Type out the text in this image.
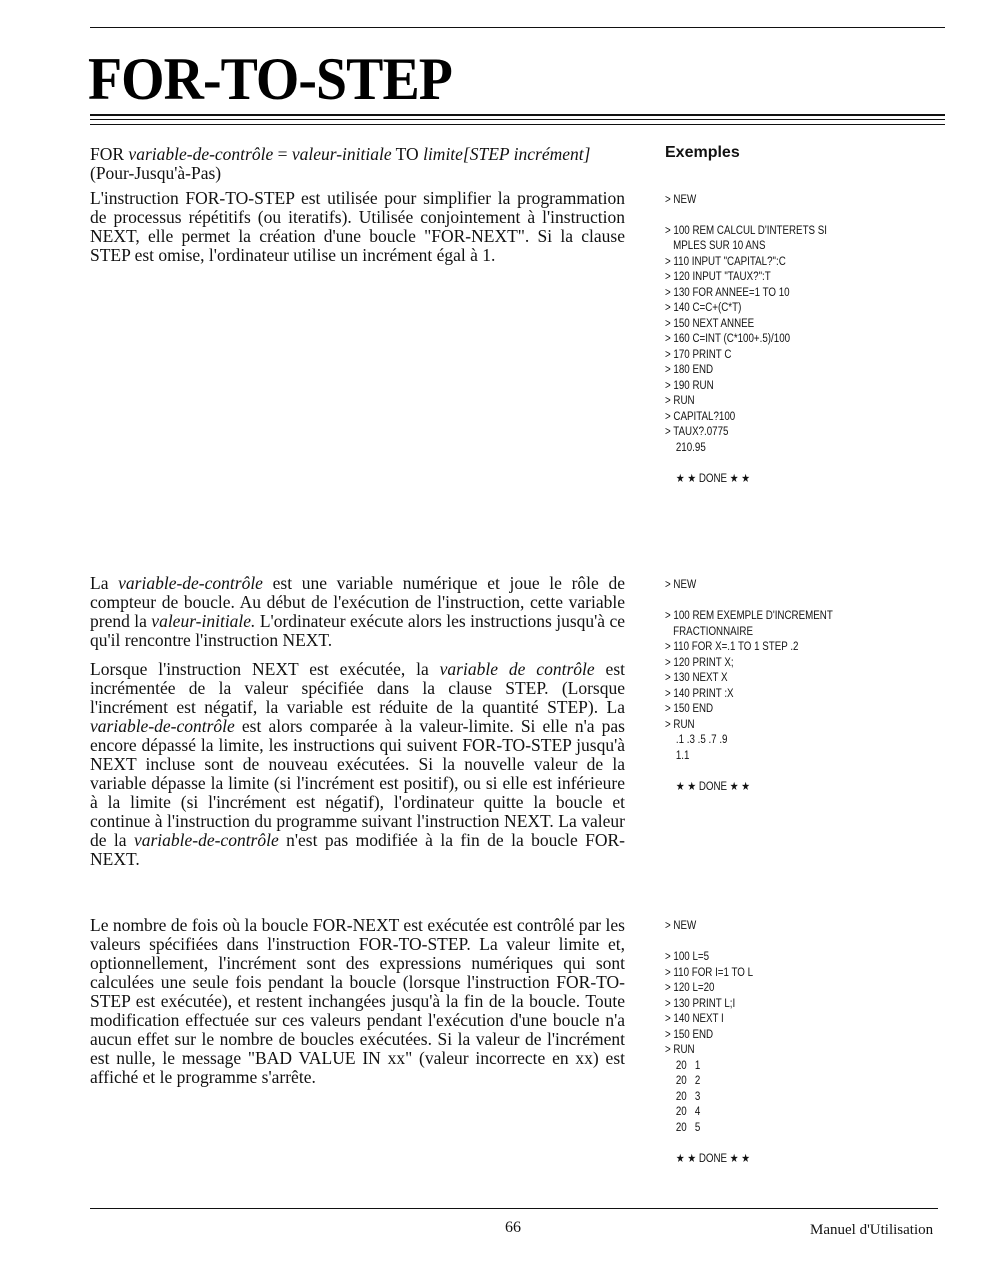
FOR-TO-STEP

FOR variable-de-contrôle = valeur-initiale TO limite[STEP incrément]
(Pour-Jusqu'à-Pas)

L'instruction FOR-TO-STEP est utilisée pour simplifier la programmation de processus répétitifs (ou iteratifs). Utilisée conjointement à l'instruction NEXT, elle permet la création d'une boucle "FOR-NEXT". Si la clause STEP est omise, l'ordinateur utilise un incrément égal à 1.

La variable-de-contrôle est une variable numérique et joue le rôle de compteur de boucle. Au début de l'exécution de l'instruction, cette variable prend la valeur-initiale. L'ordinateur exécute alors les instructions jusqu'à ce qu'il rencontre l'instruction NEXT.

Lorsque l'instruction NEXT est exécutée, la variable de contrôle est incrémentée de la valeur spécifiée dans la clause STEP. (Lorsque l'incrément est négatif, la variable est réduite de la quantité STEP). La variable-de-contrôle est alors comparée à la valeur-limite. Si elle n'a pas encore dépassé la limite, les instructions qui suivent FOR-TO-STEP jusqu'à NEXT incluse sont de nouveau exécutées. Si la nouvelle valeur de la variable dépasse la limite (si l'incrément est positif), ou si elle est inférieure à la limite (si l'incrément est négatif), l'ordinateur quitte la boucle et continue à l'instruction du programme suivant l'instruction NEXT. La valeur de la variable-de-contrôle n'est pas modifiée à la fin de la boucle FOR-NEXT.

Le nombre de fois où la boucle FOR-NEXT est exécutée est contrôlé par les valeurs spécifiées dans l'instruction FOR-TO-STEP. La valeur limite et, optionnellement, l'incrément sont des expressions numériques qui sont calculées une seule fois pendant la boucle (lorsque l'instruction FOR-TO-STEP est exécutée), et restent inchangées jusqu'à la fin de la boucle. Toute modification effectuée sur ces valeurs pendant l'exécution d'une boucle n'a aucun effet sur le nombre de boucles exécutées. Si la valeur de l'incrément est nulle, le message "BAD VALUE IN xx" (valeur incorrecte en xx) est affiché et le programme s'arrête.

Exemples
> NEW
> 100 REM CALCUL D'INTERETS SI
MPLES SUR 10 ANS
> 110 INPUT "CAPITAL?":C
> 120 INPUT "TAUX?":T
> 130 FOR ANNEE=1 TO 10
> 140 C=C+(C*T)
> 150 NEXT ANNEE
> 160 C=INT (C*100+.5)/100
> 170 PRINT C
> 180 END
> 190 RUN
> RUN
> CAPITAL?100
> TAUX?.0775
210.95
★ ★ DONE ★ ★
> NEW
> 100 REM EXEMPLE D'INCREMENT
FRACTIONNAIRE
> 110 FOR X=.1 TO 1 STEP .2
> 120 PRINT X;
> 130 NEXT X
> 140 PRINT :X
> 150 END
> RUN
.1 .3 .5 .7 .9
1.1
★ ★ DONE ★ ★
> NEW
> 100 L=5
> 110 FOR I=1 TO L
> 120 L=20
> 130 PRINT L;I
> 140 NEXT I
> 150 END
> RUN
20   1
20   2
20   3
20   4
20   5
★ ★ DONE ★ ★
66	Manuel d'Utilisation
